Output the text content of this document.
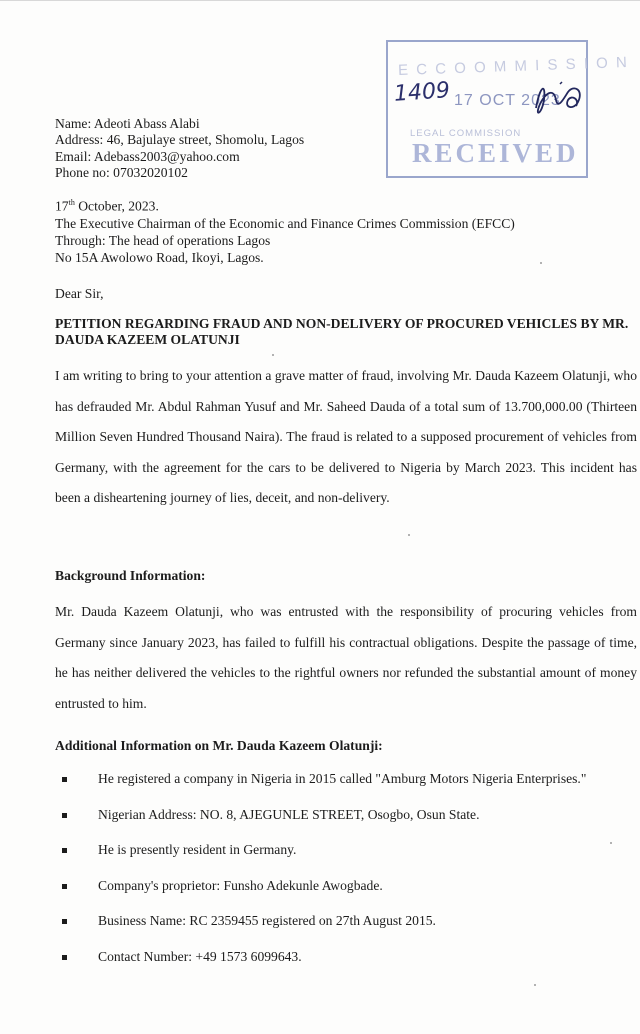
Name: Adeoti Abass Alabi
Address: 46, Bajulaye street, Shomolu, Lagos
Email: Adebass2003@yahoo.com
Phone no: 07032020102
E C C O O M M I S S I O N
1409 17 OCT 2023
LEGAL COMMISSION
RECEIVED
17th October, 2023.
The Executive Chairman of the Economic and Finance Crimes Commission (EFCC)
Through: The head of operations Lagos
No 15A Awolowo Road, Ikoyi, Lagos.
Dear Sir,
PETITION REGARDING FRAUD AND NON-DELIVERY OF PROCURED VEHICLES BY MR. DAUDA KAZEEM OLATUNJI
I am writing to bring to your attention a grave matter of fraud, involving Mr. Dauda Kazeem Olatunji, who has defrauded Mr. Abdul Rahman Yusuf and Mr. Saheed Dauda of a total sum of 13.700,000.00 (Thirteen Million Seven Hundred Thousand Naira). The fraud is related to a supposed procurement of vehicles from Germany, with the agreement for the cars to be delivered to Nigeria by March 2023. This incident has been a disheartening journey of lies, deceit, and non-delivery.
Background Information:
Mr. Dauda Kazeem Olatunji, who was entrusted with the responsibility of procuring vehicles from Germany since January 2023, has failed to fulfill his contractual obligations. Despite the passage of time, he has neither delivered the vehicles to the rightful owners nor refunded the substantial amount of money entrusted to him.
Additional Information on Mr. Dauda Kazeem Olatunji:
He registered a company in Nigeria in 2015 called "Amburg Motors Nigeria Enterprises."
Nigerian Address: NO. 8, AJEGUNLE STREET, Osogbo, Osun State.
He is presently resident in Germany.
Company's proprietor: Funsho Adekunle Awogbade.
Business Name: RC 2359455 registered on 27th August 2015.
Contact Number: +49 1573 6099643.
